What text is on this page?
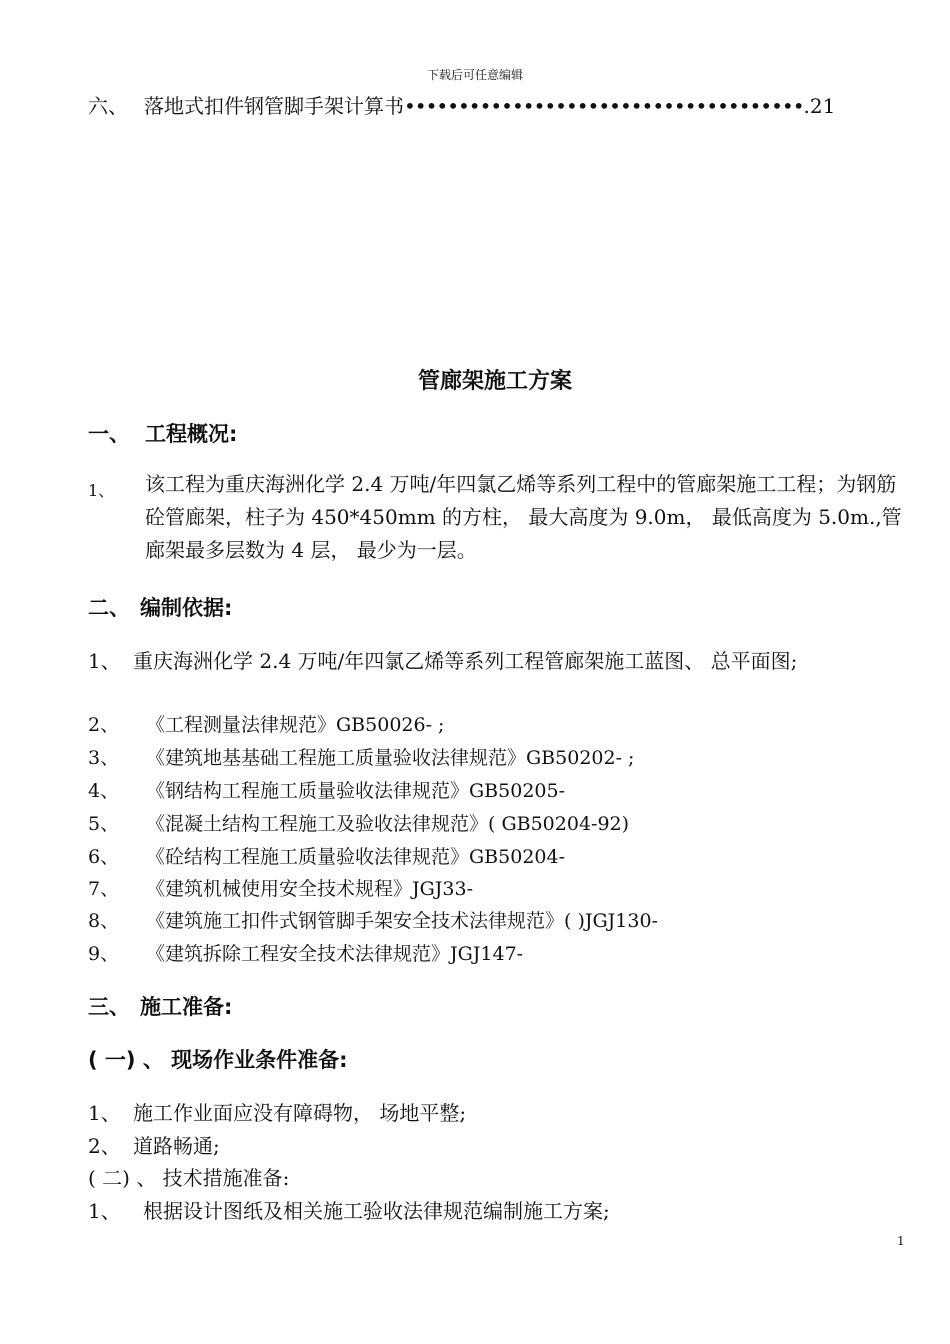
下载后可任意编辑
六、 落地式扣件钢管脚手架计算书•••••••••••••••••••••••••••••••••••••.21
管廊架施工方案
一、 工程概况:
1、 该工程为重庆海洲化学 2.4 万吨/年四氯乙烯等系列工程中的管廊架施工工程；为钢筋砼管廊架，柱子为 450*450mm 的方柱， 最大高度为 9.0m， 最低高度为 5.0m.,管廊架最多层数为 4 层， 最少为一层。
二、 编制依据:
1、 重庆海洲化学 2.4 万吨/年四氯乙烯等系列工程管廊架施工蓝图、 总平面图;
2、 《工程测量法律规范》GB50026- ;
3、 《建筑地基基础工程施工质量验收法律规范》GB50202- ;
4、 《钢结构工程施工质量验收法律规范》GB50205-
5、 《混凝土结构工程施工及验收法律规范》( GB50204-92)
6、 《砼结构工程施工质量验收法律规范》GB50204-
7、 《建筑机械使用安全技术规程》JGJ33-
8、 《建筑施工扣件式钢管脚手架安全技术法律规范》( )JGJ130-
9、 《建筑拆除工程安全技术法律规范》JGJ147-
三、 施工准备:
( 一) 、 现场作业条件准备:
1、 施工作业面应没有障碍物， 场地平整;
2、 道路畅通;
( 二) 、 技术措施准备:
1、 根据设计图纸及相关施工验收法律规范编制施工方案;
1
